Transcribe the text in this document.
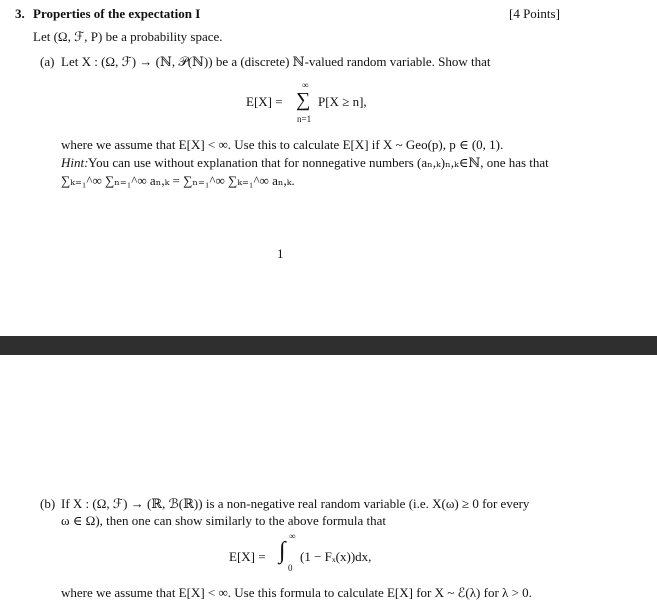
3. Properties of the expectation I	[4 Points]
Let (Ω, ℱ, P) be a probability space.
(a) Let X : (Ω, ℱ) → (ℕ, 𝒫(ℕ)) be a (discrete) ℕ-valued random variable. Show that
E[X] =
∞
∑
n=1
P[X ≥ n],
where we assume that E[X] < ∞. Use this to calculate E[X] if X ~ Geo(p), p ∈ (0, 1).
Hint: You can use without explanation that for nonnegative numbers (aₙ,ₖ)ₙ,ₖ∈ℕ, one has that
∑ₖ₌₁^∞ ∑ₙ₌₁^∞ aₙ,ₖ = ∑ₙ₌₁^∞ ∑ₖ₌₁^∞ aₙ,ₖ.
1
(b) If X : (Ω, ℱ) → (ℝ, ℬ(ℝ)) is a non-negative real random variable (i.e. X(ω) ≥ 0 for every
ω ∈ Ω), then one can show similarly to the above formula that
E[X] =
∞
∫
0
(1 − Fₓ(x))dx,
where we assume that E[X] < ∞. Use this formula to calculate E[X] for X ~ ℰ(λ) for λ > 0.
